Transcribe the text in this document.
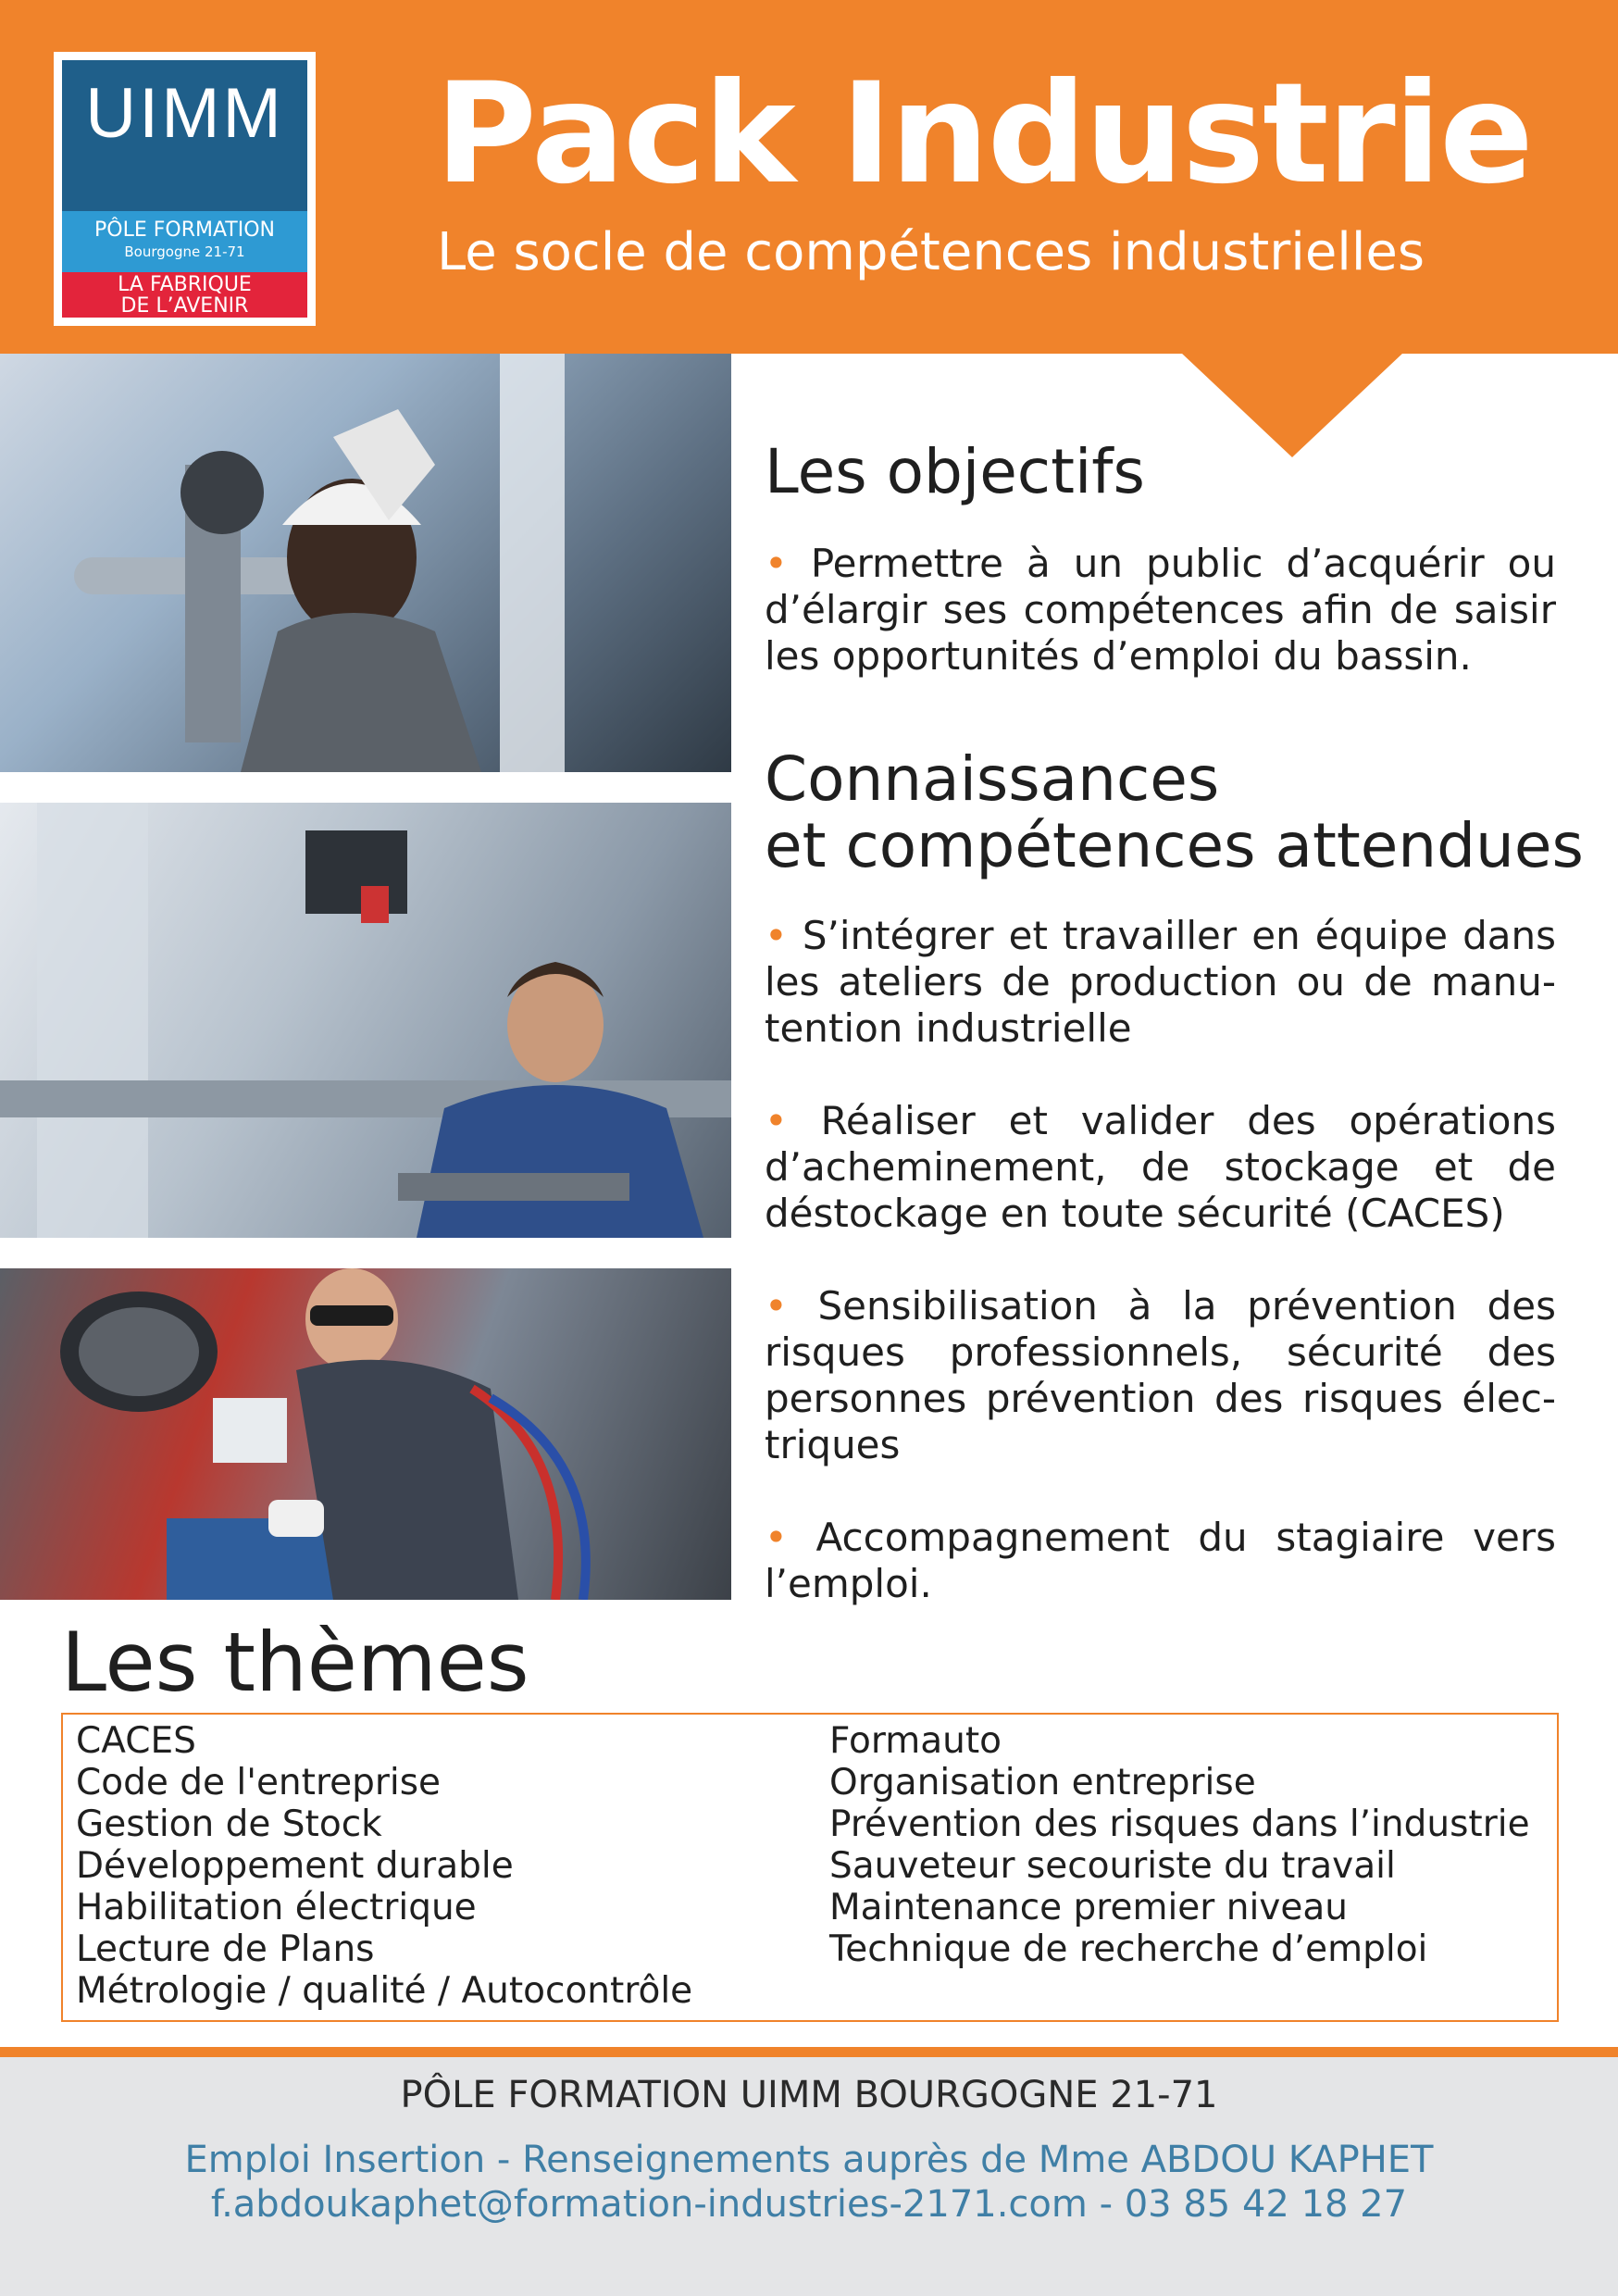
UIMM
PÔLE FORMATION
Bourgogne 21-71
Pack Industrie
Le socle de compétences industrielles
LA FABRIQUE
DE L’AVENIR
Les objectifs
• Permettre à un public d’acquérir ou d’élargir ses compétences afin de saisir les opportunités d’emploi du bassin.
Connaissances
et compétences attendues
• S’intégrer et travailler en équipe dans les ateliers de production ou de manutention industrielle
• Réaliser et valider des opérations d’acheminement, de stockage et de déstockage en toute sécurité (CACES)
• Sensibilisation à la prévention des risques professionnels, sécurité des personnes prévention des risques électriques
• Accompagnement du stagiaire vers l’emploi.
Les thèmes
CACES
Code de l'entreprise
Gestion de Stock
Développement durable
Habilitation électrique
Lecture de Plans
Métrologie / qualité / Autocontrôle
Formauto
Organisation entreprise
Prévention des risques dans l’industrie
Sauveteur secouriste du travail
Maintenance premier niveau
Technique de recherche d’emploi
PÔLE FORMATION UIMM BOURGOGNE 21-71
Emploi Insertion - Renseignements auprès de Mme ABDOU KAPHET
f.abdoukaphet@formation-industries-2171.com - 03 85 42 18 27
